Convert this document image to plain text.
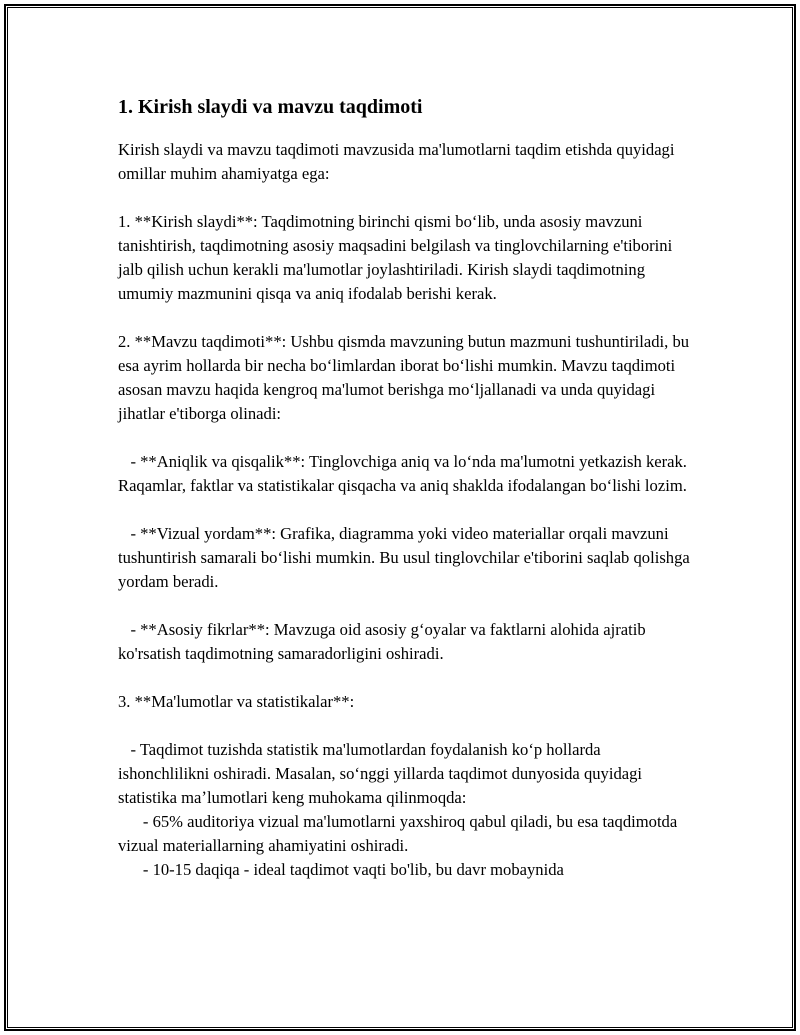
1. Kirish slaydi va mavzu taqdimoti

Kirish slaydi va mavzu taqdimoti mavzusida ma'lumotlarni taqdim etishda quyidagi omillar muhim ahamiyatga ega:

1. **Kirish slaydi**: Taqdimotning birinchi qismi boʻlib, unda asosiy mavzuni tanishtirish, taqdimotning asosiy maqsadini belgilash va tinglovchilarning e'tiborini jalb qilish uchun kerakli ma'lumotlar joylashtiriladi. Kirish slaydi taqdimotning umumiy mazmunini qisqa va aniq ifodalab berishi kerak.

2. **Mavzu taqdimoti**: Ushbu qismda mavzuning butun mazmuni tushuntiriladi, bu esa ayrim hollarda bir necha boʻlimlardan iborat boʻlishi mumkin. Mavzu taqdimoti asosan mavzu haqida kengroq ma'lumot berishga moʻljallanadi va unda quyidagi jihatlar e'tiborga olinadi:

- **Aniqlik va qisqalik**: Tinglovchiga aniq va loʻnda ma'lumotni yetkazish kerak. Raqamlar, faktlar va statistikalar qisqacha va aniq shaklda ifodalangan boʻlishi lozim.

- **Vizual yordam**: Grafika, diagramma yoki video materiallar orqali mavzuni tushuntirish samarali boʻlishi mumkin. Bu usul tinglovchilar e'tiborini saqlab qolishga yordam beradi.

- **Asosiy fikrlar**: Mavzuga oid asosiy gʻoyalar va faktlarni alohida ajratib ko'rsatish taqdimotning samaradorligini oshiradi.

3. **Ma'lumotlar va statistikalar**:

- Taqdimot tuzishda statistik ma'lumotlardan foydalanish koʻp hollarda ishonchlilikni oshiradi. Masalan, soʻnggi yillarda taqdimot dunyosida quyidagi statistika maʼlumotlari keng muhokama qilinmoqda:

- 65% auditoriya vizual ma'lumotlarni yaxshiroq qabul qiladi, bu esa taqdimotda vizual materiallarning ahamiyatini oshiradi.

- 10-15 daqiqa - ideal taqdimot vaqti bo'lib, bu davr mobaynida
